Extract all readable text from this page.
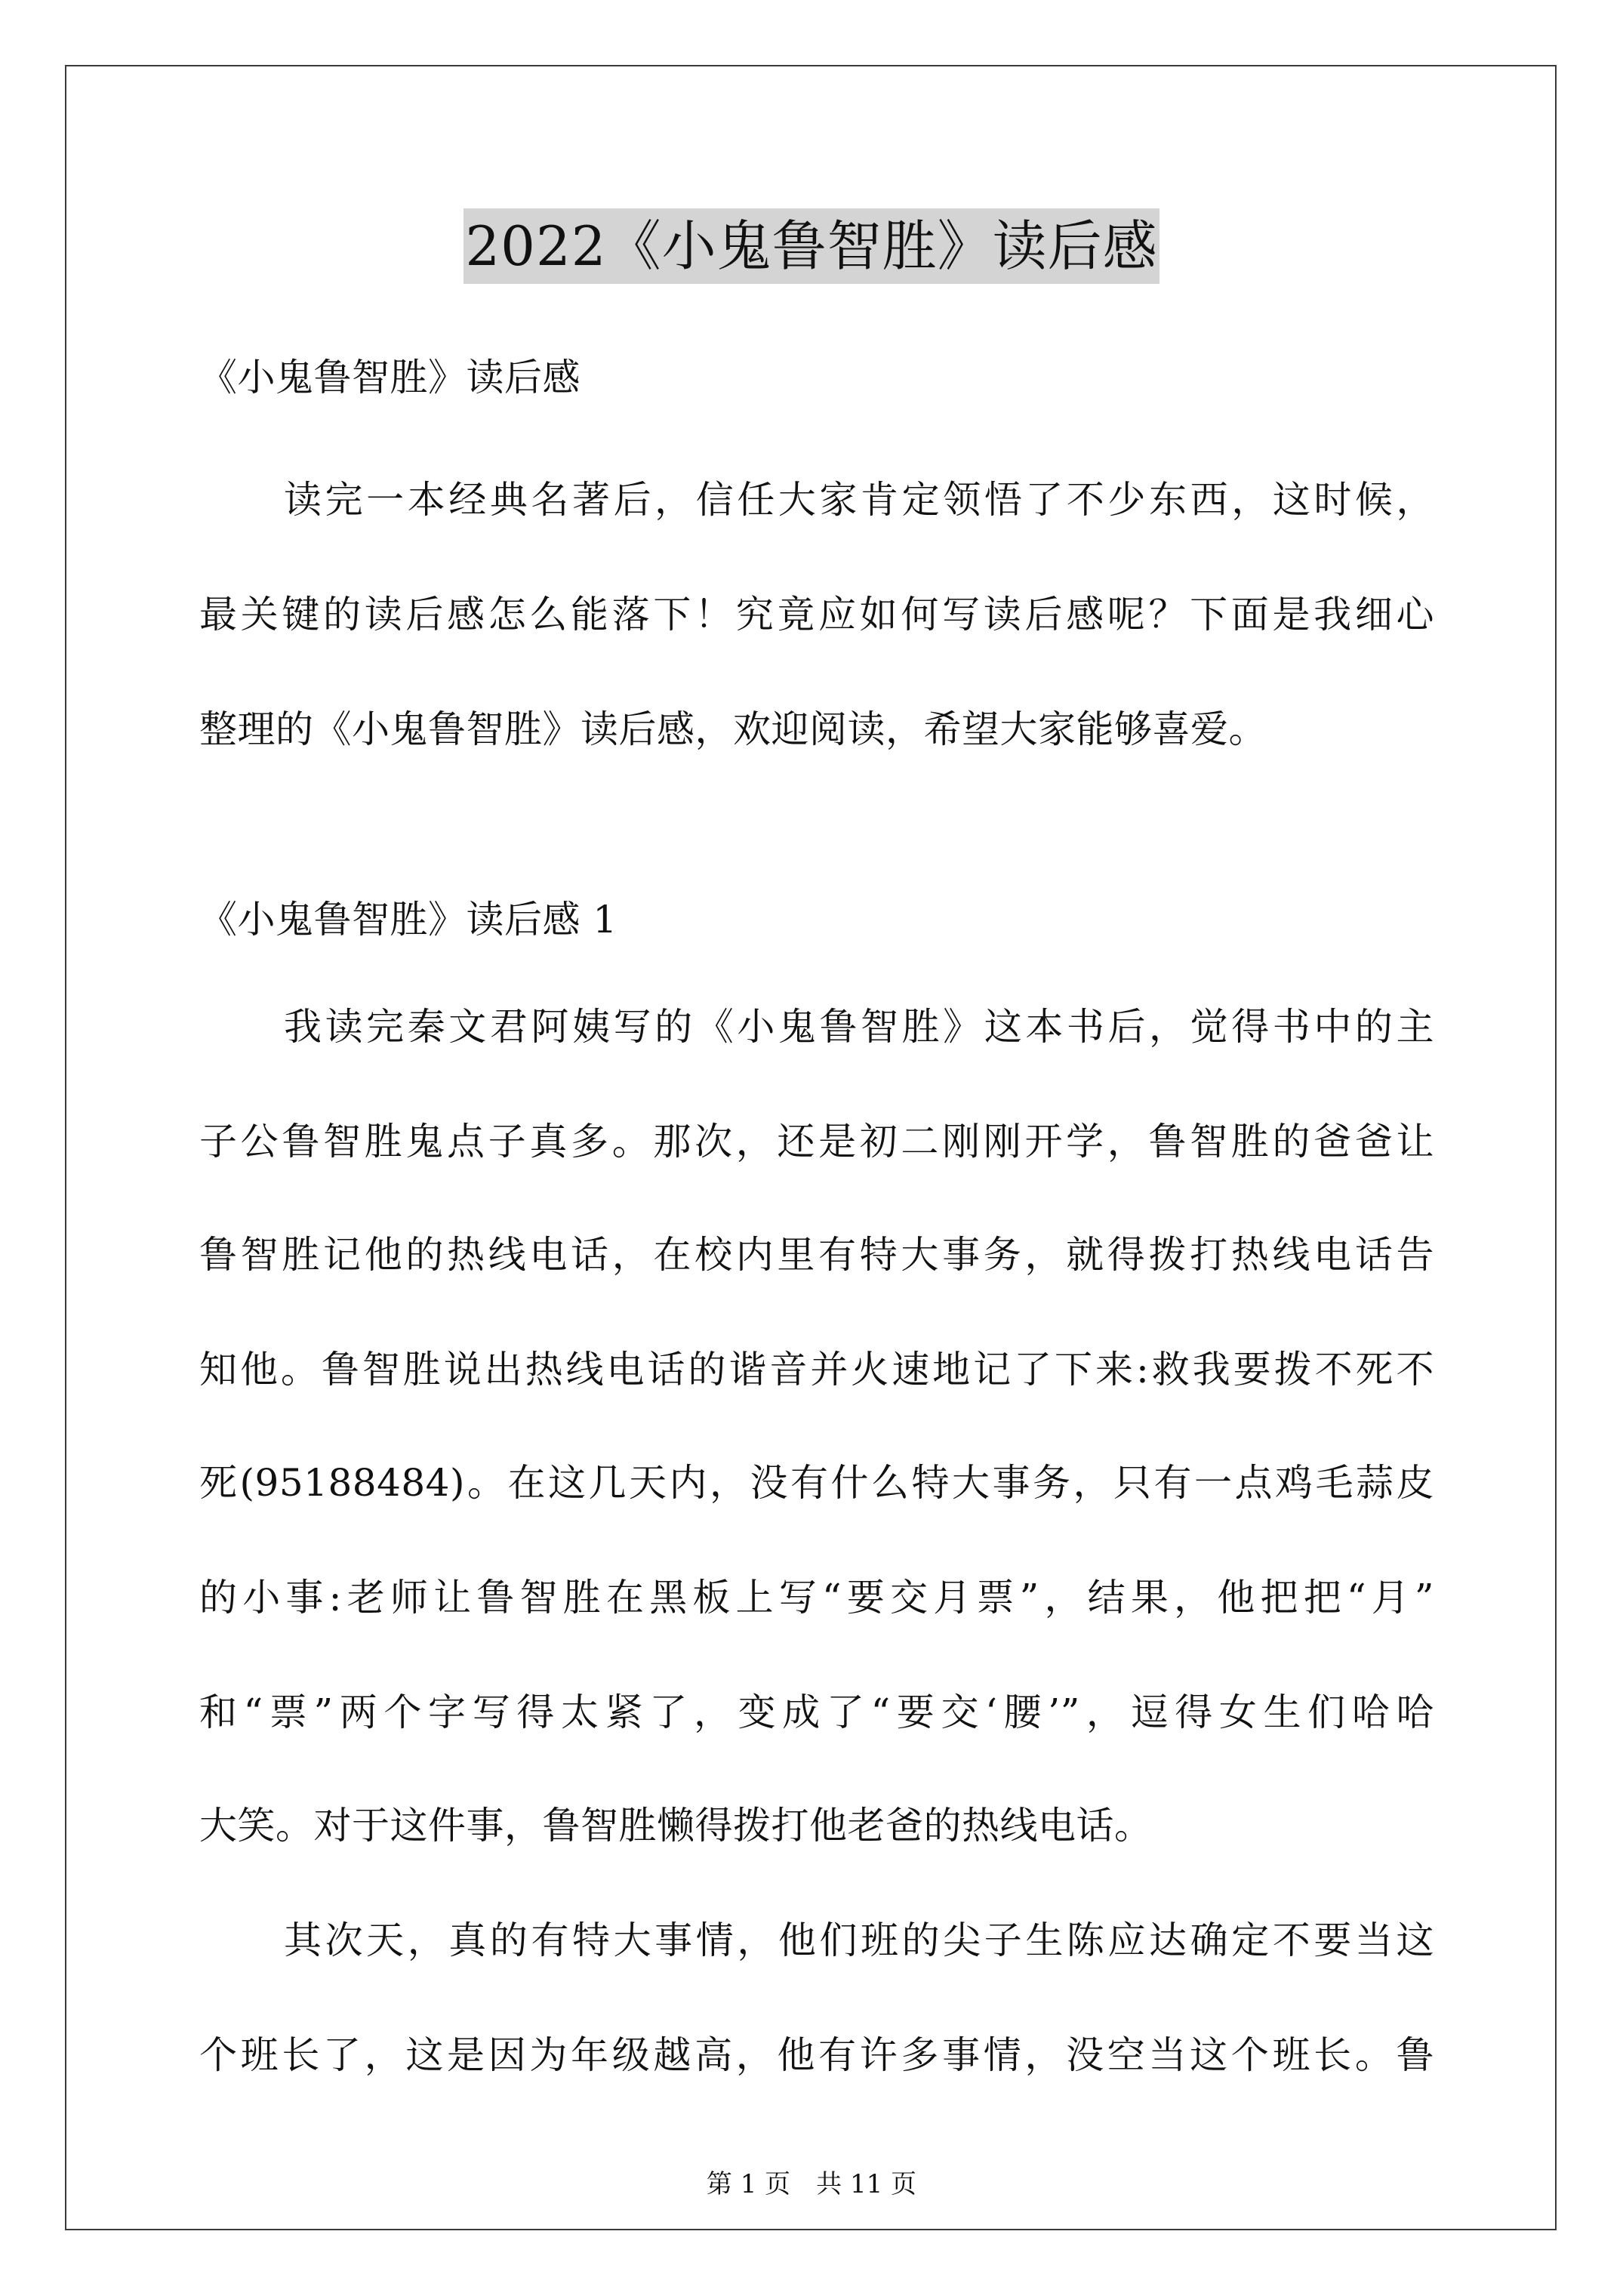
2022《小鬼鲁智胜》读后感
《小鬼鲁智胜》读后感
读完一本经典名著后，信任大家肯定领悟了不少东西，这时候，
最关键的读后感怎么能落下！究竟应如何写读后感呢？下面是我细心
整理的《小鬼鲁智胜》读后感，欢迎阅读，希望大家能够喜爱。
《小鬼鲁智胜》读后感 1
我读完秦文君阿姨写的《小鬼鲁智胜》这本书后，觉得书中的主
子公鲁智胜鬼点子真多。那次，还是初二刚刚开学，鲁智胜的爸爸让
鲁智胜记他的热线电话，在校内里有特大事务，就得拨打热线电话告
知他。鲁智胜说出热线电话的谐音并火速地记了下来:救我要拨不死不
死(95188484)。在这几天内，没有什么特大事务，只有一点鸡毛蒜皮
的小事:老师让鲁智胜在黑板上写“要交月票”，结果，他把把“月”
和“票”两个字写得太紧了，变成了“要交‘腰’”，逗得女生们哈哈
大笑。对于这件事，鲁智胜懒得拨打他老爸的热线电话。
其次天，真的有特大事情，他们班的尖子生陈应达确定不要当这
个班长了，这是因为年级越高，他有许多事情，没空当这个班长。鲁
第 1 页　共 11 页
